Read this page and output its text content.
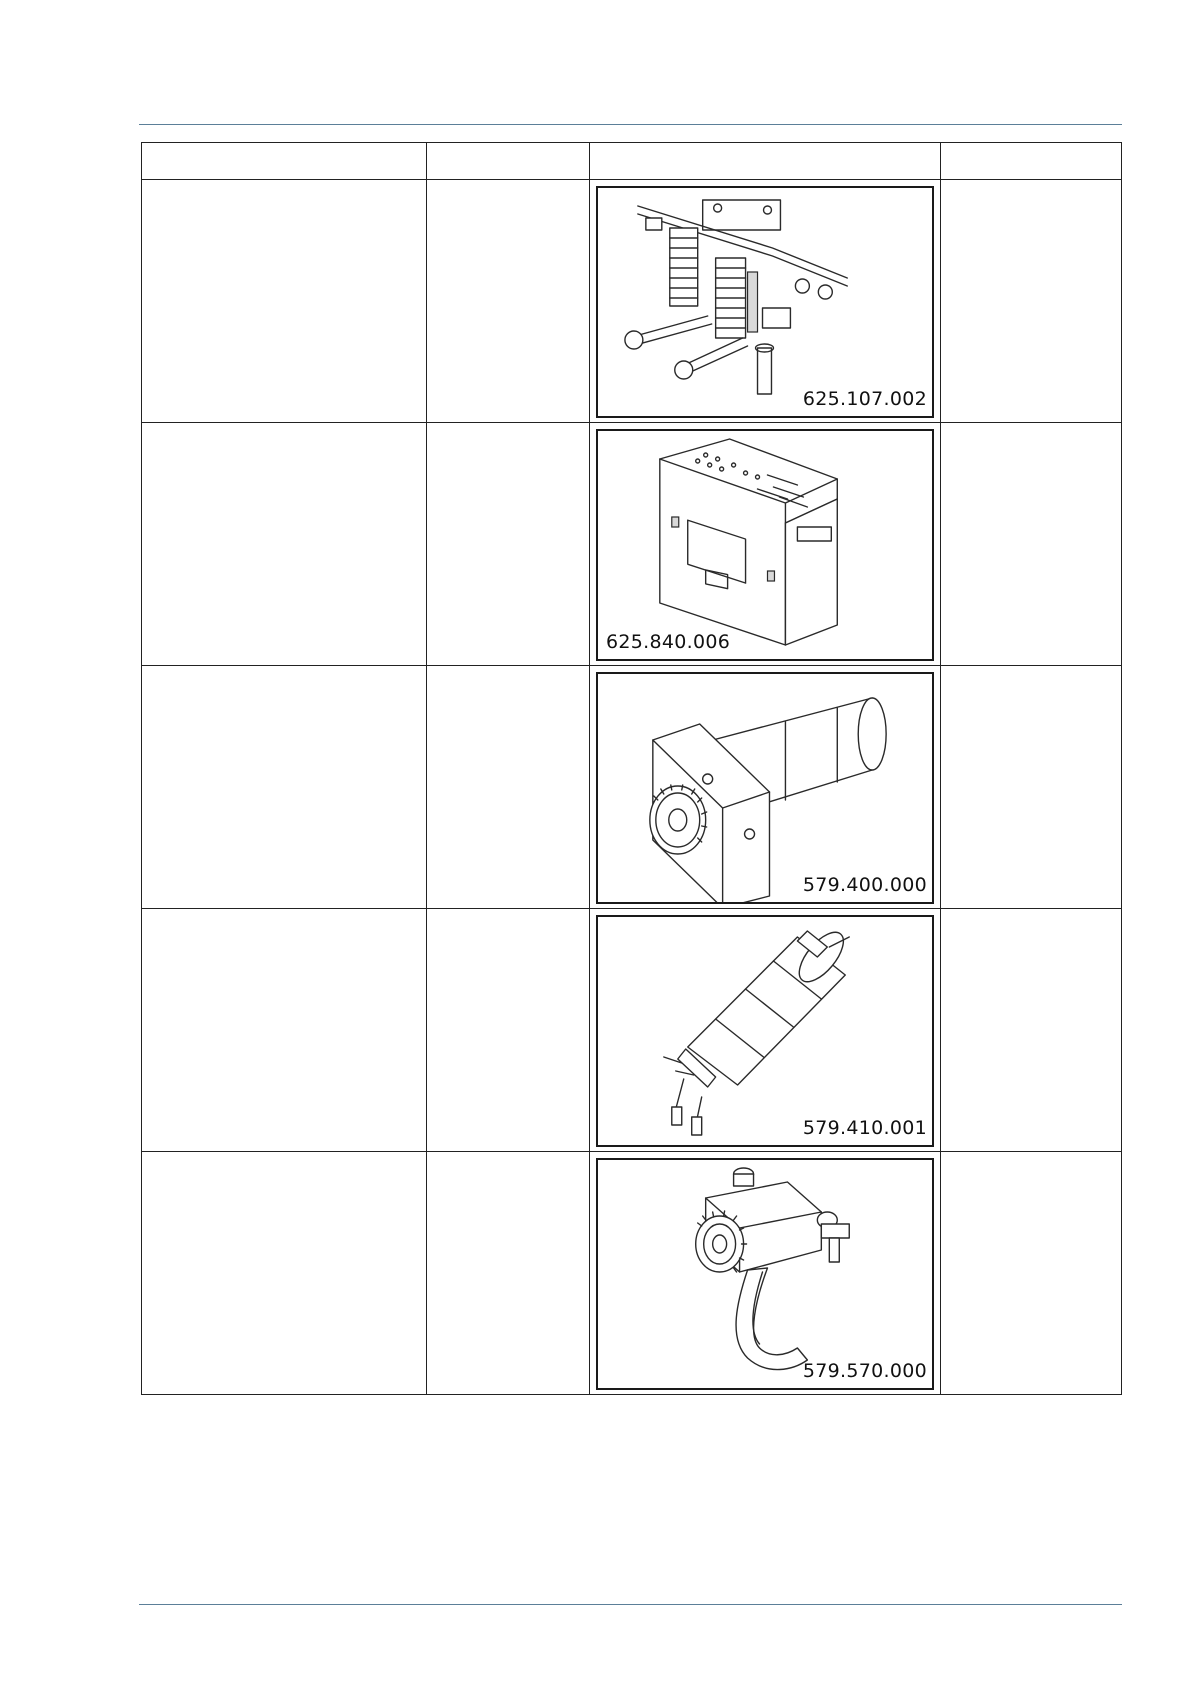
		625.107.002	

		625.840.006	

		579.400.000	

		579.410.001	

		579.570.000	
